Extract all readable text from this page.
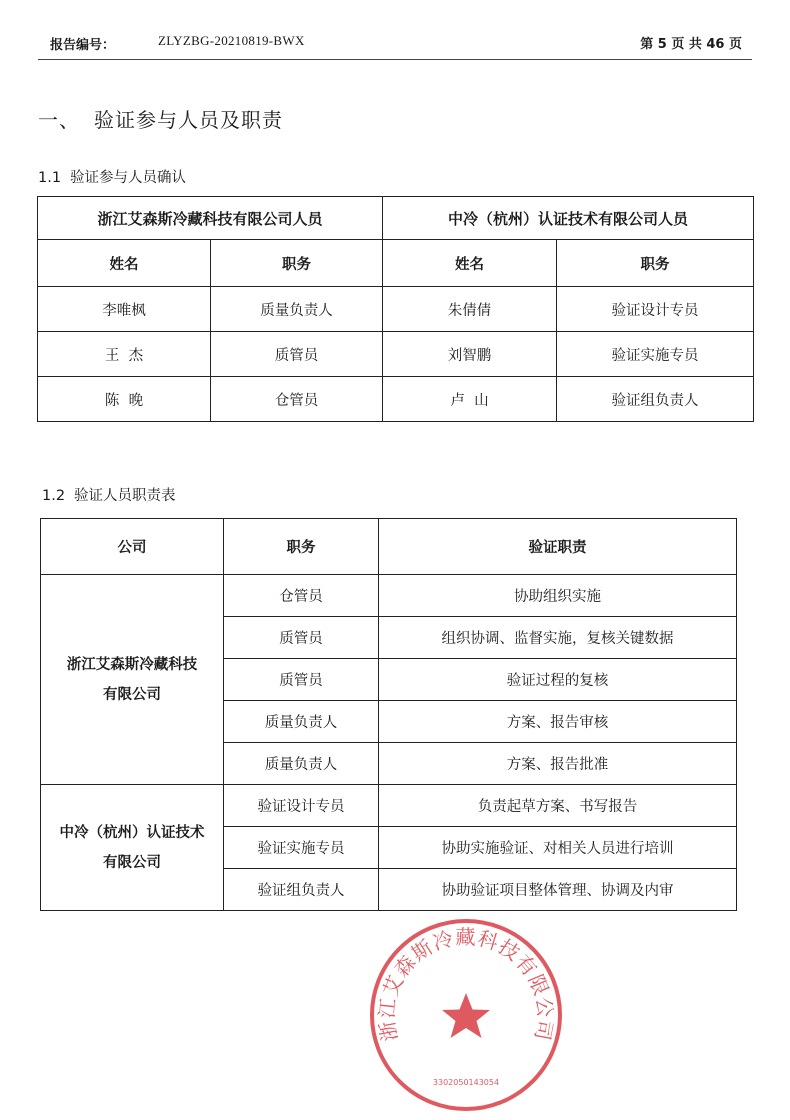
报告编号：	ZLYZBG-20210819-BWX	第 5 页 共 46 页
一、 验证参与人员及职责
1.1 验证参与人员确认
浙江艾森斯冷藏科技有限公司人员		中冷（杭州）认证技术有限公司人员	
姓名	职务	姓名	职务
李唯枫	质量负责人	朱倩倩	验证设计专员
王  杰	质管员	刘智鹏	验证实施专员
陈  晚	仓管员	卢  山	验证组负责人
1.2 验证人员职责表
公司	职务	验证职责

浙江艾森斯冷藏科技
有限公司	仓管员	协助组织实施
	质管员	组织协调、监督实施，复核关键数据
	质管员	验证过程的复核
	质量负责人	方案、报告审核
	质量负责人	方案、报告批准

中冷（杭州）认证技术
有限公司	验证设计专员	负责起草方案、书写报告
	验证实施专员	协助实施验证、对相关人员进行培训
	验证组负责人	协助验证项目整体管理、协调及内审
浙江艾森斯冷藏科技有限公司
3302050143054
